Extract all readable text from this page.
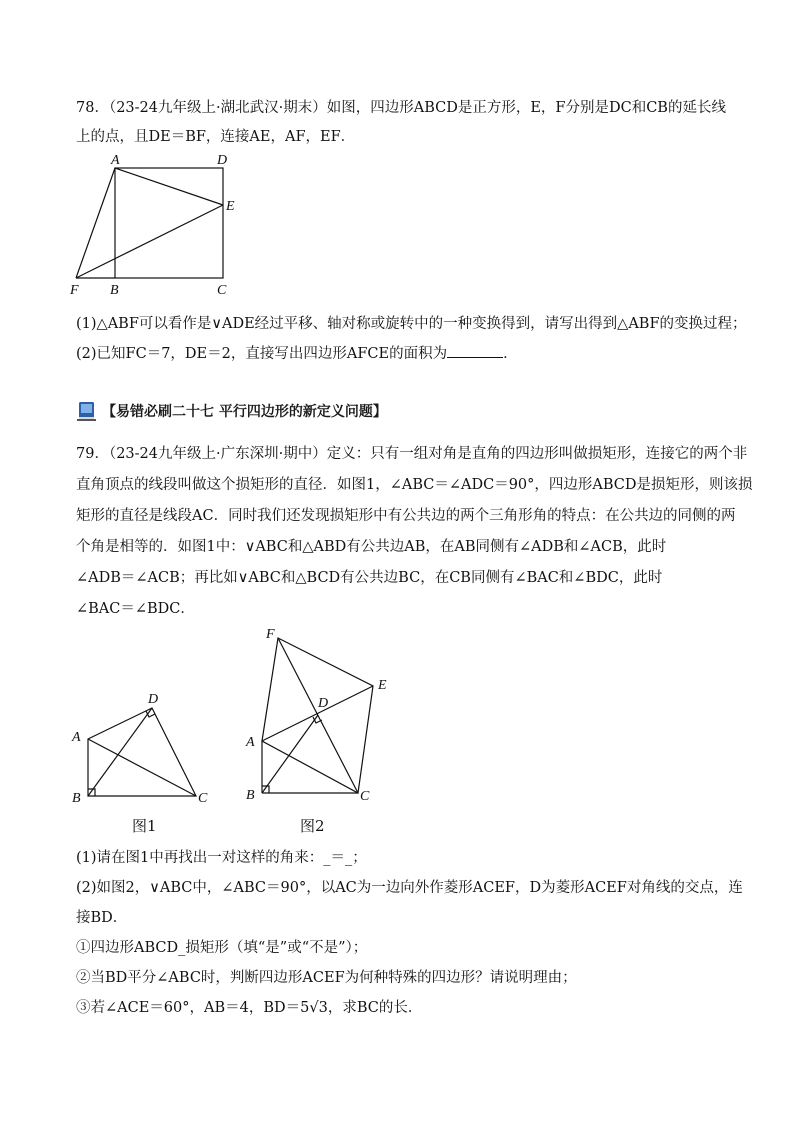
78．（23-24九年级上·湖北武汉·期末）如图，四边形ABCD是正方形，E，F分别是DC和CB的延长线
上的点，且DE＝BF，连接AE，AF，EF．
A	D
E
F B	C
(1)△ABF可以看作是∨ADE经过平移、轴对称或旋转中的一种变换得到，请写出得到△ABF的变换过程；
(2)已知FC＝7，DE＝2，直接写出四边形AFCE的面积为	．
【易错必刷二十七 平行四边形的新定义问题】
79．（23-24九年级上·广东深圳·期中）定义：只有一组对角是直角的四边形叫做损矩形，连接它的两个非
直角顶点的线段叫做这个损矩形的直径．如图1，∠ABC＝∠ADC＝90°，四边形ABCD是损矩形，则该损
矩形的直径是线段AC．同时我们还发现损矩形中有公共边的两个三角形角的特点：在公共边的同侧的两
个角是相等的．如图1中：∨ABC和△ABD有公共边AB，在AB同侧有∠ADB和∠ACB，此时
∠ADB＝∠ACB；再比如∨ABC和△BCD有公共边BC，在CB同侧有∠BAC和∠BDC，此时
∠BAC＝∠BDC．
D
A
B	C
图1
F
E
D
A
B	C
图2
(1)请在图1中再找出一对这样的角来：_＝_；
(2)如图2，∨ABC中，∠ABC＝90°，以AC为一边向外作菱形ACEF，D为菱形ACEF对角线的交点，连
接BD．
①四边形ABCD_损矩形（填“是”或“不是”）；
②当BD平分∠ABC时，判断四边形ACEF为何种特殊的四边形？请说明理由；
③若∠ACE＝60°，AB＝4，BD＝5√3，求BC的长．
